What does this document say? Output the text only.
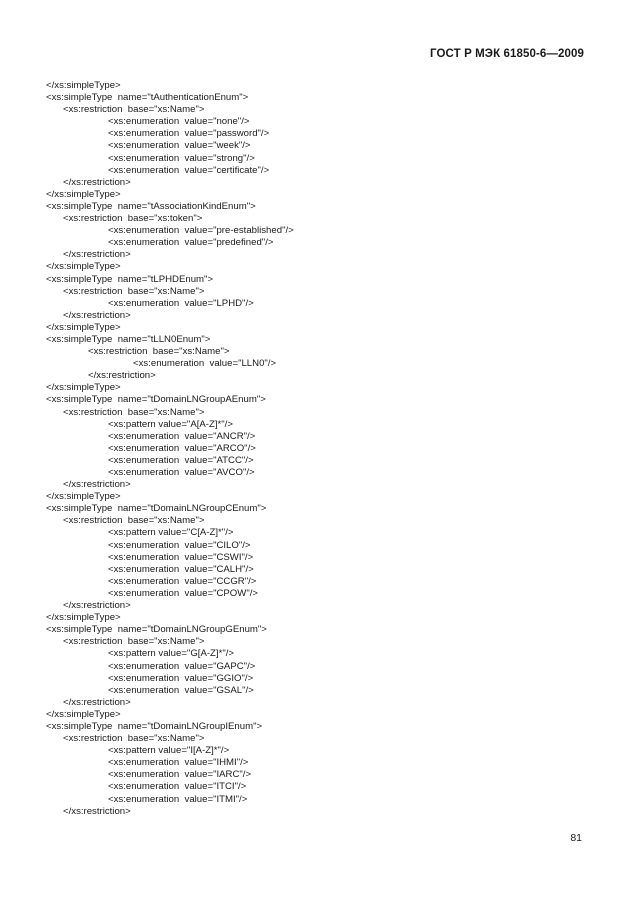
ГОСТ Р МЭК 61850-6—2009
</xs:simpleType>
<xs:simpleType  name="tAuthenticationEnum">
<xs:restriction  base="xs:Name">
<xs:enumeration  value="none"/>
<xs:enumeration  value="password"/>
<xs:enumeration  value="week"/>
<xs:enumeration  value="strong"/>
<xs:enumeration  value="certificate"/>
</xs:restriction>
</xs:simpleType>
<xs:simpleType  name="tAssociationKindEnum">
<xs:restriction  base="xs:token">
<xs:enumeration  value="pre-established"/>
<xs:enumeration  value="predefined"/>
</xs:restriction>
</xs:simpleType>
<xs:simpleType  name="tLPHDEnum">
<xs:restriction  base="xs:Name">
<xs:enumeration  value="LPHD"/>
</xs:restriction>
</xs:simpleType>
<xs:simpleType  name="tLLN0Enum">
<xs:restriction  base="xs:Name">
<xs:enumeration  value="LLN0"/>
</xs:restriction>
</xs:simpleType>
<xs:simpleType  name="tDomainLNGroupAEnum">
<xs:restriction  base="xs:Name">
<xs:pattern value="A[A-Z]*"/>
<xs:enumeration  value="ANCR"/>
<xs:enumeration  value="ARCO"/>
<xs:enumeration  value="ATCC"/>
<xs:enumeration  value="AVCO"/>
</xs:restriction>
</xs:simpleType>
<xs:simpleType  name="tDomainLNGroupCEnum">
<xs:restriction  base="xs:Name">
<xs:pattern value="C[A-Z]*"/>
<xs:enumeration  value="CILO"/>
<xs:enumeration  value="CSWI"/>
<xs:enumeration  value="CALH"/>
<xs:enumeration  value="CCGR"/>
<xs:enumeration  value="CPOW"/>
</xs:restriction>
</xs:simpleType>
<xs:simpleType  name="tDomainLNGroupGEnum">
<xs:restriction  base="xs:Name">
<xs:pattern value="G[A-Z]*"/>
<xs:enumeration  value="GAPC"/>
<xs:enumeration  value="GGIO"/>
<xs:enumeration  value="GSAL"/>
</xs:restriction>
</xs:simpleType>
<xs:simpleType  name="tDomainLNGroupIEnum">
<xs:restriction  base="xs:Name">
<xs:pattern value="I[A-Z]*"/>
<xs:enumeration  value="IHMI"/>
<xs:enumeration  value="IARC"/>
<xs:enumeration  value="ITCI"/>
<xs:enumeration  value="ITMI"/>
</xs:restriction>
81
